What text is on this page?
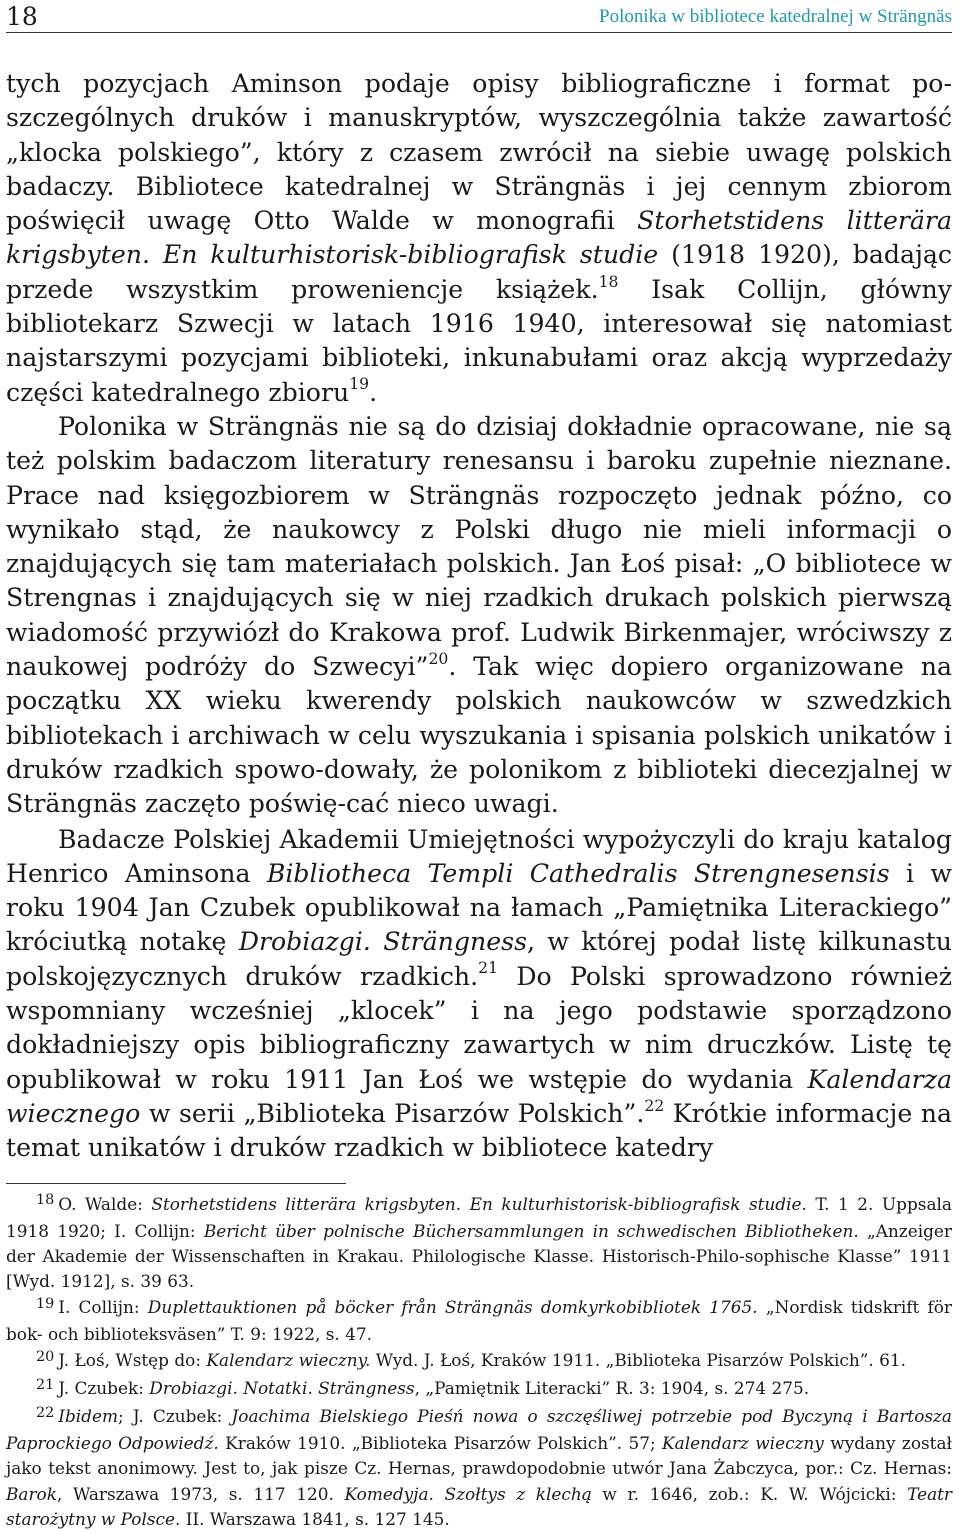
18	Polonika w bibliotece katedralnej w Strängnäs

tych pozycjach Aminson podaje opisy bibliograficzne i format po-szczególnych druków i manuskryptów, wyszczególnia także zawartość „klocka polskiego”, który z czasem zwrócił na siebie uwagę polskich badaczy. Bibliotece katedralnej w Strängnäs i jej cennym zbiorom poświęcił uwagę Otto Walde w monografii Storhetstidens litterära krigsbyten. En kulturhistorisk-bibliografisk studie (1918 1920), badając przede wszystkim proweniencje książek.$^{18}$ Isak Collijn, główny bibliotekarz Szwecji w latach 1916 1940, interesował się natomiast najstarszymi pozycjami biblioteki, inkunabułami oraz akcją wyprzedaży części katedralnego zbioru$^{19}$.

Polonika w Strängnäs nie są do dzisiaj dokładnie opracowane, nie są też polskim badaczom literatury renesansu i baroku zupełnie nieznane. Prace nad księgozbiorem w Strängnäs rozpoczęto jednak późno, co wynikało stąd, że naukowcy z Polski długo nie mieli informacji o znajdujących się tam materiałach polskich. Jan Łoś pisał: „O bibliotece w Strengnas i znajdujących się w niej rzadkich drukach polskich pierwszą wiadomość przywiózł do Krakowa prof. Ludwik Birkenmajer, wróciwszy z naukowej podróży do Szwecyi”$^{20}$. Tak więc dopiero organizowane na początku XX wieku kwerendy polskich naukowców w szwedzkich bibliotekach i archiwach w celu wyszukania i spisania polskich unikatów i druków rzadkich spowo-dowały, że polonikom z biblioteki diecezjalnej w Strängnäs zaczęto poświę-cać nieco uwagi.

Badacze Polskiej Akademii Umiejętności wypożyczyli do kraju katalog Henrico Aminsona Bibliotheca Templi Cathedralis Strengnesensis i w roku 1904 Jan Czubek opublikował na łamach „Pamiętnika Literackiego” króciutką notakę Drobiazgi. Strängness, w której podał listę kilkunastu polskojęzycznych druków rzadkich.$^{21}$ Do Polski sprowadzono również wspomniany wcześniej „klocek” i na jego podstawie sporządzono dokładniejszy opis bibliograficzny zawartych w nim druczków. Listę tę opublikował w roku 1911 Jan Łoś we wstępie do wydania Kalendarza wiecznego w serii „Biblioteka Pisarzów Polskich”.$^{22}$ Krótkie informacje na temat unikatów i druków rzadkich w bibliotece katedry

18 O. Walde: Storhetstidens litterära krigsbyten. En kulturhistorisk-bibliografisk studie. T. 1 2. Uppsala 1918 1920; I. Collijn: Bericht über polnische Büchersammlungen in schwedischen Bibliotheken. „Anzeiger der Akademie der Wissenschaften in Krakau. Philologische Klasse. Historisch-Philo-sophische Klasse” 1911 [Wyd. 1912], s. 39 63.

19 I. Collijn: Duplettauktionen på böcker från Strängnäs domkyrkobibliotek 1765. „Nordisk tidskrift för bok- och biblioteksväsen” T. 9: 1922, s. 47.

20 J. Łoś, Wstęp do: Kalendarz wieczny. Wyd. J. Łoś, Kraków 1911. „Biblioteka Pisarzów Polskich”. 61.

21 J. Czubek: Drobiazgi. Notatki. Strängness, „Pamiętnik Literacki” R. 3: 1904, s. 274 275.

22 Ibidem; J. Czubek: Joachima Bielskiego Pieśń nowa o szczęśliwej potrzebie pod Byczyną i Bartosza Paprockiego Odpowiedź. Kraków 1910. „Biblioteka Pisarzów Polskich”. 57; Kalendarz wieczny wydany został jako tekst anonimowy. Jest to, jak pisze Cz. Hernas, prawdopodobnie utwór Jana Żabczyca, por.: Cz. Hernas: Barok, Warszawa 1973, s. 117 120. Komedyja. Szołtys z klechą w r. 1646, zob.: K. W. Wójcicki: Teatr starożytny w Polsce. II. Warszawa 1841, s. 127 145.
